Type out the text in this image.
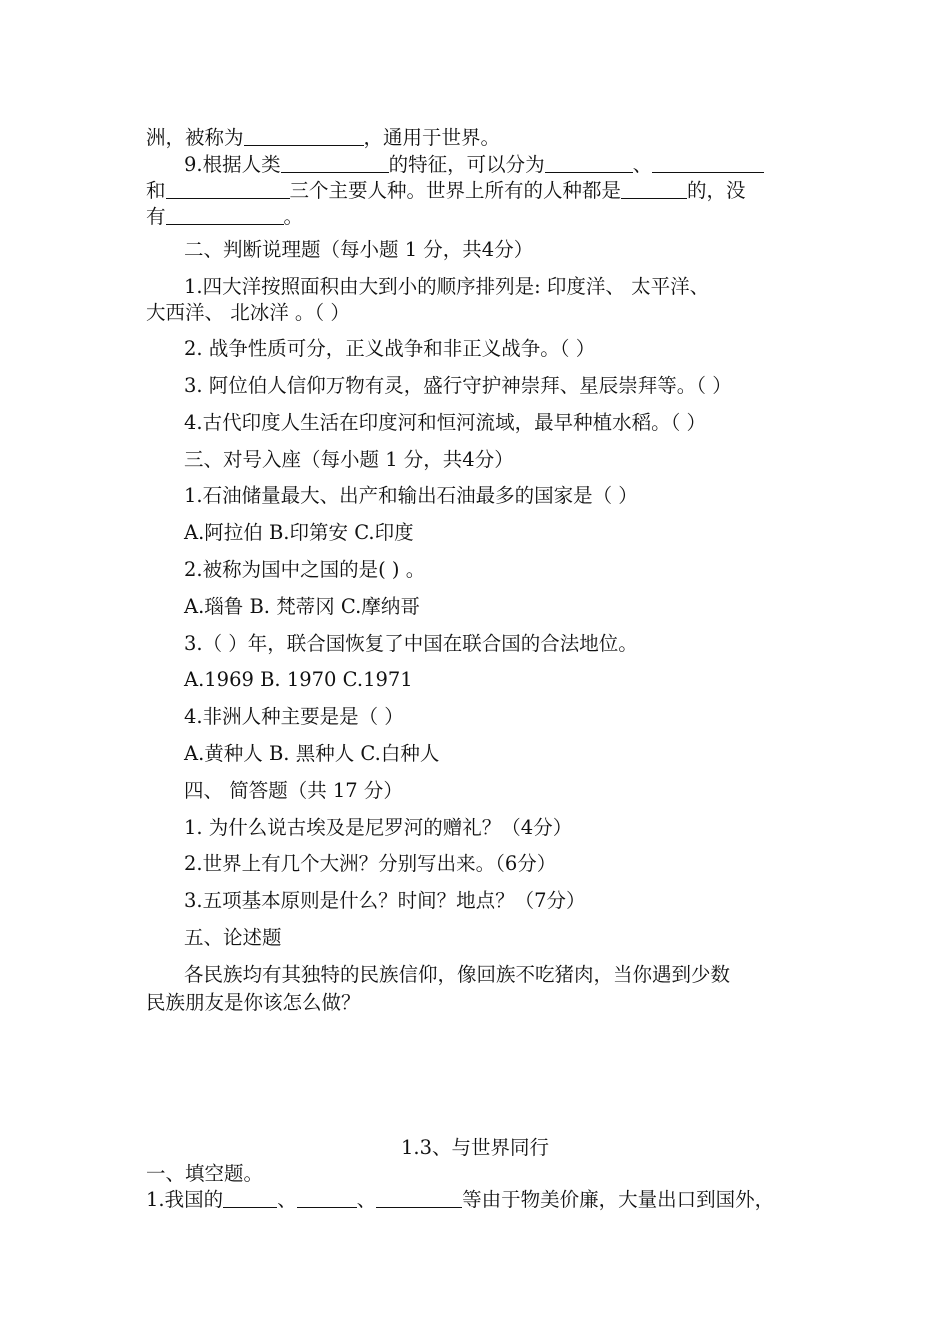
洲，被称为	，通用于世界。
9.根据人类	的特征，可以分为	、
和	三个主要人种。世界上所有的人种都是	的，没
有	。
二、判断说理题（每小题 1 分，共4分）
1.四大洋按照面积由大到小的顺序排列是: 印度洋、 太平洋、
大西洋、 北冰洋 。（ ）
2. 战争性质可分，正义战争和非正义战争。（ ）
3. 阿位伯人信仰万物有灵，盛行守护神崇拜、星辰崇拜等。（ ）
4.古代印度人生活在印度河和恒河流域，最早种植水稻。（ ）
三、对号入座（每小题 1 分，共4分）
1.石油储量最大、出产和输出石油最多的国家是（ ）
A.阿拉伯 B.印第安 C.印度
2.被称为国中之国的是( ) 。
A.瑙鲁 B. 梵蒂冈 C.摩纳哥
3.（ ）年，联合国恢复了中国在联合国的合法地位。
A.1969 B. 1970 C.1971
4.非洲人种主要是是（ ）
A.黄种人 B. 黑种人 C.白种人
四、 简答题（共 17 分）
1. 为什么说古埃及是尼罗河的赠礼？（4分）
2.世界上有几个大洲？分别写出来。（6分）
3.五项基本原则是什么？时间？地点？（7分）
五、论述题
各民族均有其独特的民族信仰，像回族不吃猪肉，当你遇到少数
民族朋友是你该怎么做？
1.3、与世界同行
一、填空题。
1.我国的	、	、	等由于物美价廉，大量出口到国外，
